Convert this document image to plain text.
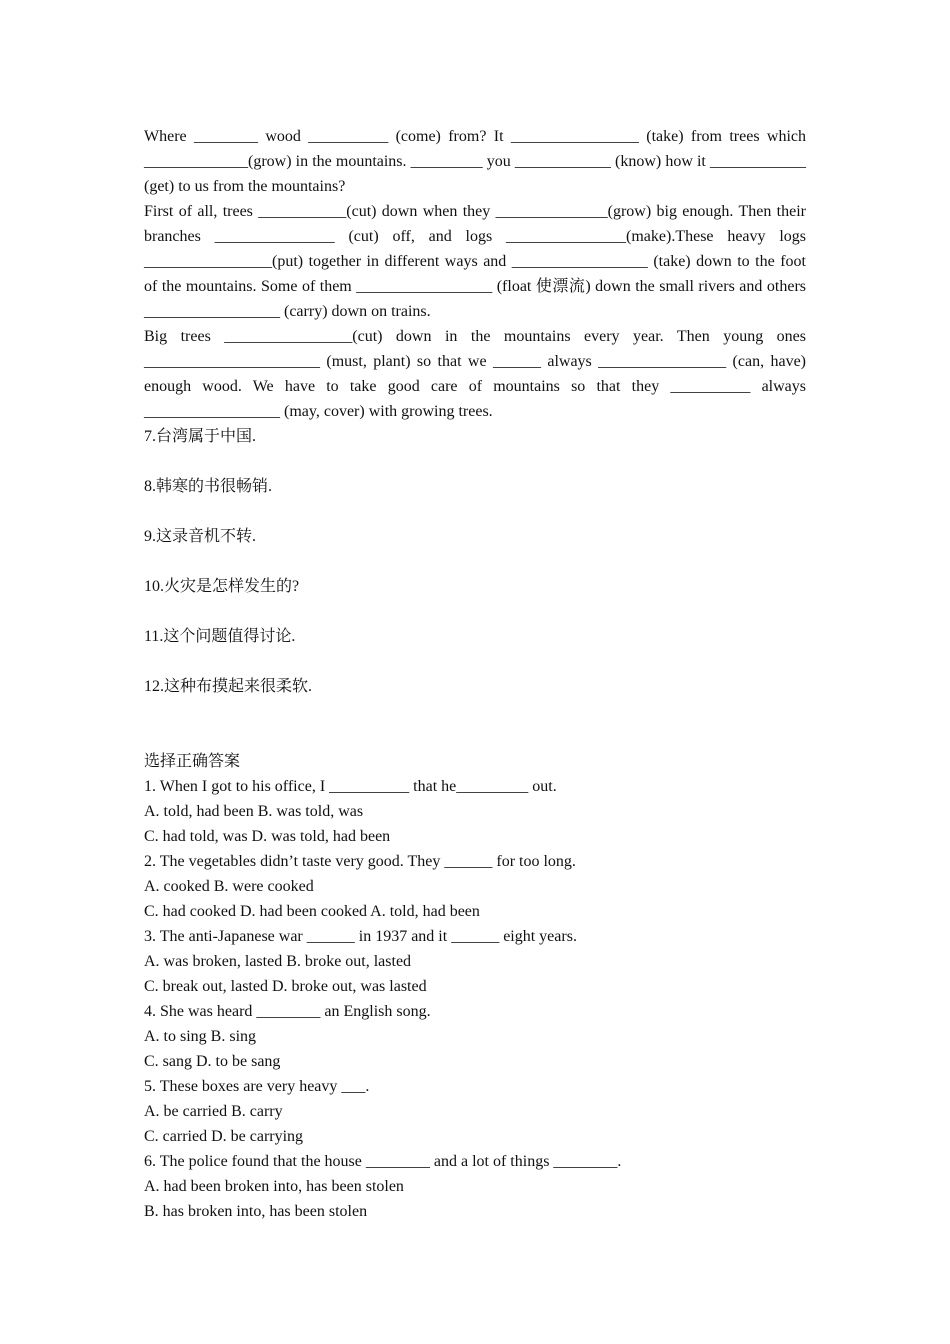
Where ________ wood __________ (come) from? It ________________ (take) from trees which _____________(grow) in the mountains. _________ you ____________ (know) how it ____________ (get) to us from the mountains?

First of all, trees ___________(cut) down when they ______________(grow) big enough. Then their branches _______________ (cut) off, and logs _______________(make).These heavy logs ________________(put) together in different ways and _________________ (take) down to the foot of the mountains. Some of them _________________ (float 使漂流) down the small rivers and others _________________ (carry) down on trains.

Big trees ________________(cut) down in the mountains every year. Then young ones ______________________ (must, plant) so that we ______ always ________________ (can, have) enough wood. We have to take good care of mountains so that they __________ always _________________ (may, cover) with growing trees.

7.台湾属于中国.

8.韩寒的书很畅销.

9.这录音机不转.

10.火灾是怎样发生的?

11.这个问题值得讨论.

12.这种布摸起来很柔软.

选择正确答案

1. When I got to his office, I __________ that he_________ out.

A. told, had been B. was told, was

C. had told, was D. was told, had been

2. The vegetables didn’t taste very good. They ______ for too long.

A. cooked B. were cooked

C. had cooked D. had been cooked A. told, had been

3. The anti-Japanese war ______ in 1937 and it ______ eight years.

A. was broken, lasted B. broke out, lasted

C. break out, lasted D. broke out, was lasted

4. She was heard ________ an English song.

A. to sing B. sing

C. sang D. to be sang

5. These boxes are very heavy ___.

A. be carried B. carry

C. carried D. be carrying

6. The police found that the house ________ and a lot of things ________.

A. had been broken into, has been stolen

B. has broken into, has been stolen
